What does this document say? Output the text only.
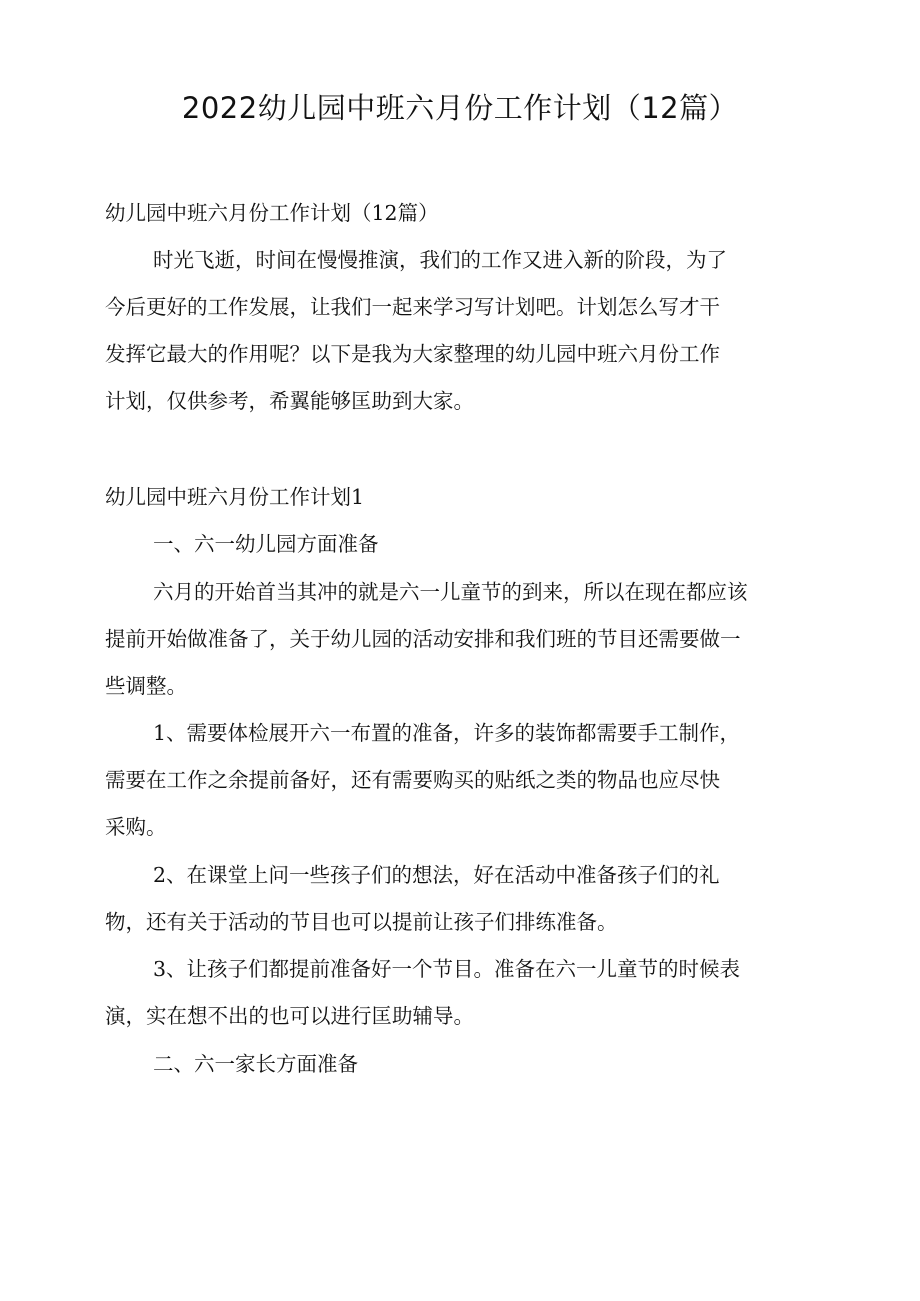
2022幼儿园中班六月份工作计划（12篇）

幼儿园中班六月份工作计划（12篇）

时光飞逝，时间在慢慢推演，我们的工作又进入新的阶段，为了

今后更好的工作发展，让我们一起来学习写计划吧。计划怎么写才干

发挥它最大的作用呢？以下是我为大家整理的幼儿园中班六月份工作

计划，仅供参考，希翼能够匡助到大家。

幼儿园中班六月份工作计划1

一、六一幼儿园方面准备

六月的开始首当其冲的就是六一儿童节的到来，所以在现在都应该

提前开始做准备了，关于幼儿园的活动安排和我们班的节目还需要做一

些调整。

1、需要体检展开六一布置的准备，许多的装饰都需要手工制作，

需要在工作之余提前备好，还有需要购买的贴纸之类的物品也应尽快

采购。

2、在课堂上问一些孩子们的想法，好在活动中准备孩子们的礼

物，还有关于活动的节目也可以提前让孩子们排练准备。

3、让孩子们都提前准备好一个节目。准备在六一儿童节的时候表

演，实在想不出的也可以进行匡助辅导。

二、六一家长方面准备
